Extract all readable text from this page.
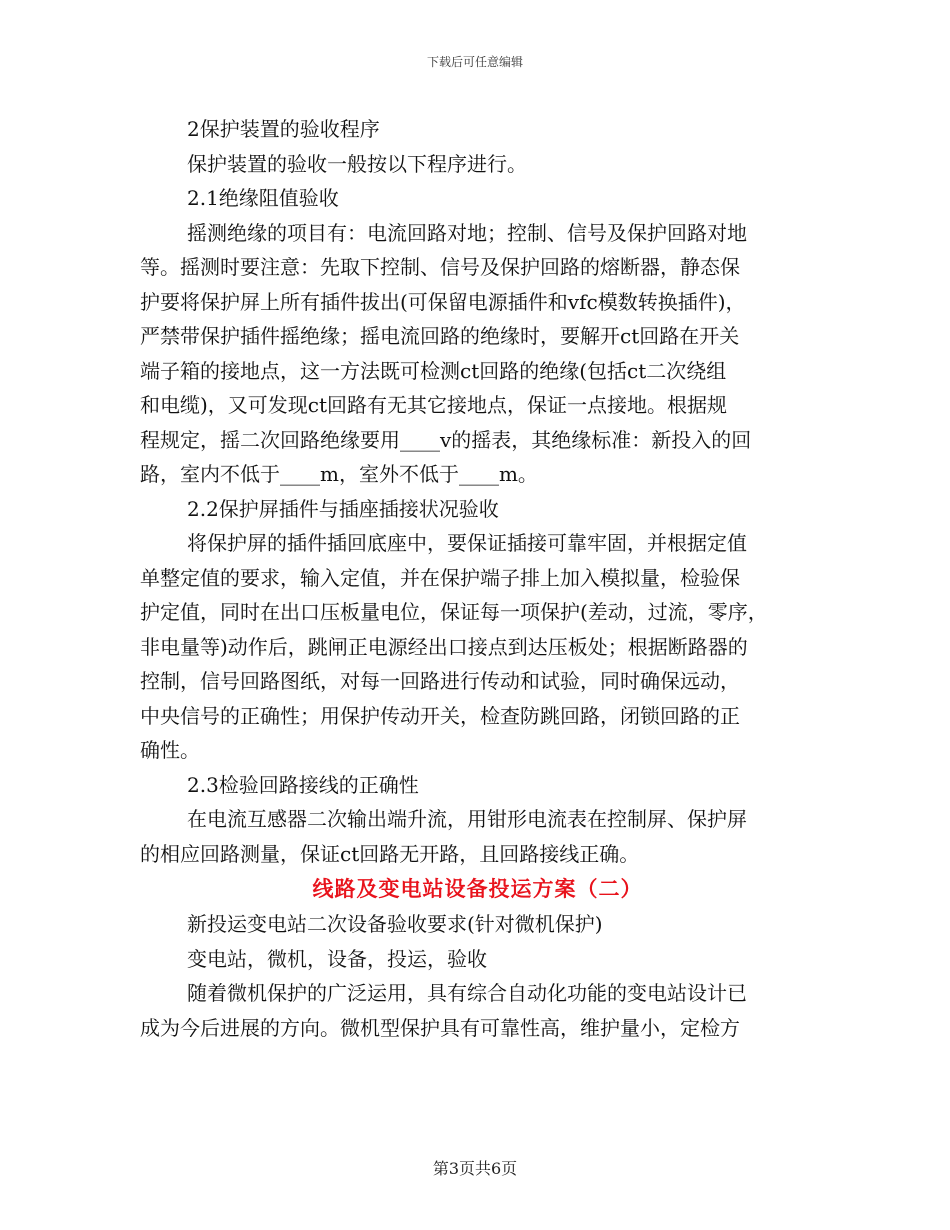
下载后可任意编辑
2保护装置的验收程序
保护装置的验收一般按以下程序进行。
2.1绝缘阻值验收
摇测绝缘的项目有：电流回路对地；控制、信号及保护回路对地
等。摇测时要注意：先取下控制、信号及保护回路的熔断器，静态保
护要将保护屏上所有插件拔出(可保留电源插件和vfc模数转换插件)，
严禁带保护插件摇绝缘；摇电流回路的绝缘时，要解开ct回路在开关
端子箱的接地点，这一方法既可检测ct回路的绝缘(包括ct二次绕组
和电缆)，又可发现ct回路有无其它接地点，保证一点接地。根据规
程规定，摇二次回路绝缘要用____v的摇表，其绝缘标准：新投入的回
路，室内不低于____m，室外不低于____m。
2.2保护屏插件与插座插接状况验收
将保护屏的插件插回底座中，要保证插接可靠牢固，并根据定值
单整定值的要求，输入定值，并在保护端子排上加入模拟量，检验保
护定值，同时在出口压板量电位，保证每一项保护(差动，过流，零序，
非电量等)动作后，跳闸正电源经出口接点到达压板处；根据断路器的
控制，信号回路图纸，对每一回路进行传动和试验，同时确保远动，
中央信号的正确性；用保护传动开关，检查防跳回路，闭锁回路的正
确性。
2.3检验回路接线的正确性
在电流互感器二次输出端升流，用钳形电流表在控制屏、保护屏
的相应回路测量，保证ct回路无开路，且回路接线正确。
线路及变电站设备投运方案（二）
新投运变电站二次设备验收要求(针对微机保护)
变电站，微机，设备，投运，验收
随着微机保护的广泛运用，具有综合自动化功能的变电站设计已
成为今后进展的方向。微机型保护具有可靠性高，维护量小，定检方
第3页共6页
